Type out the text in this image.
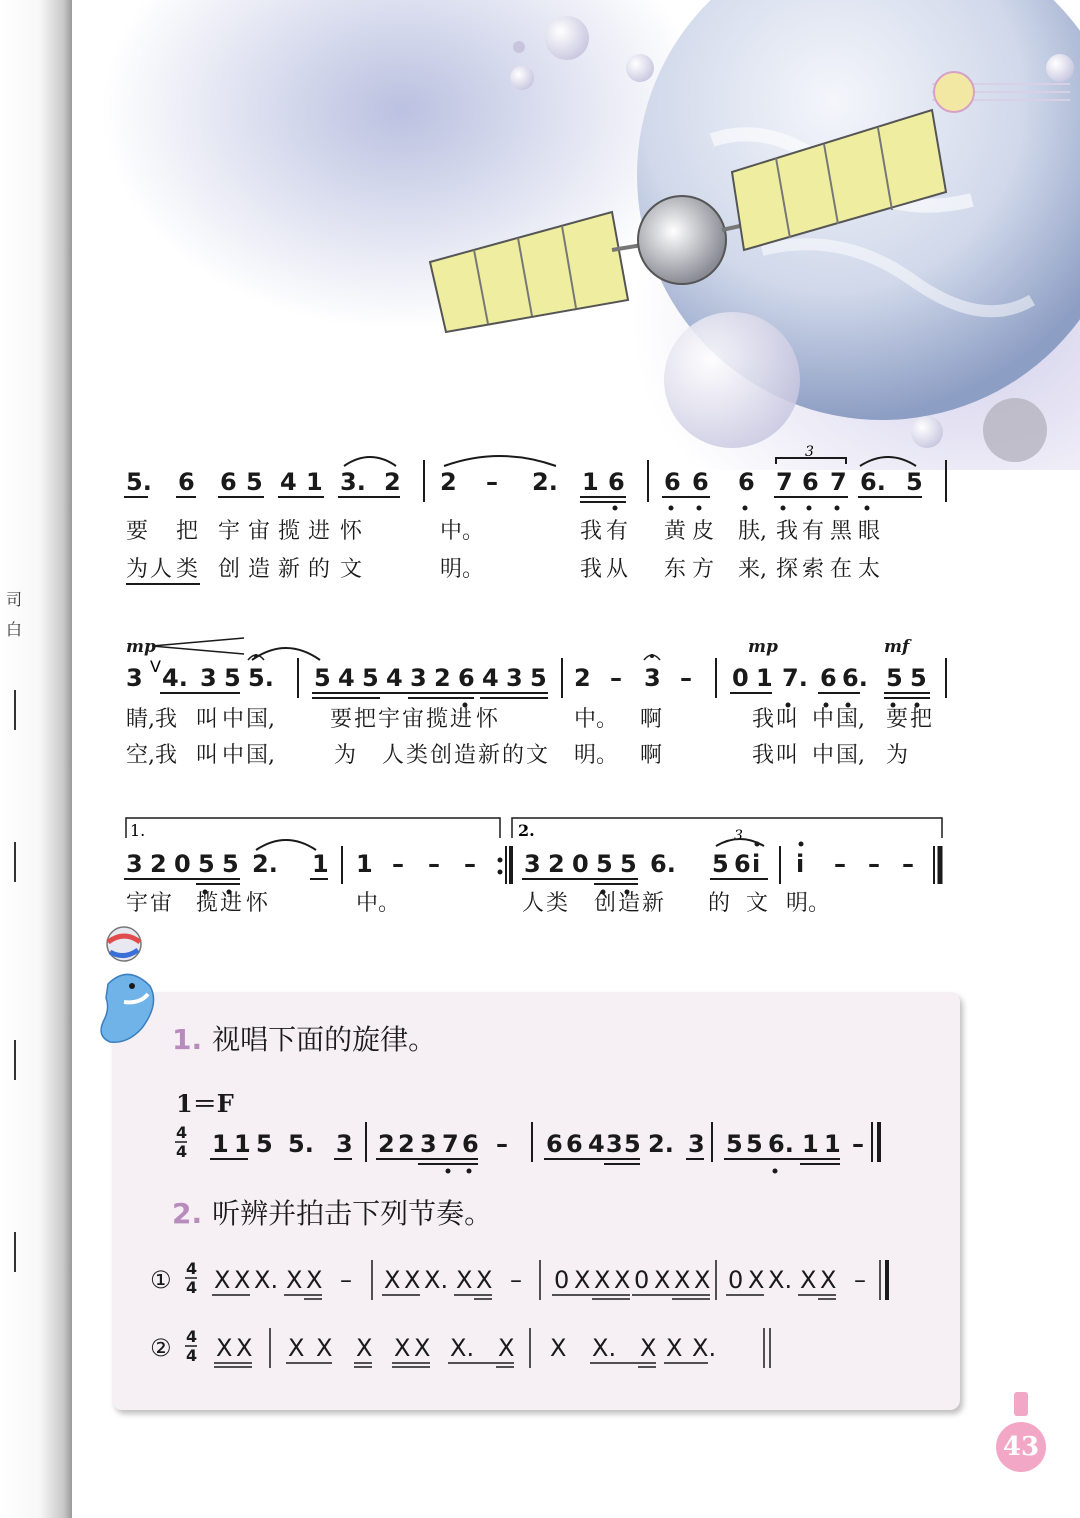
司
白
5. 6 6 5 4 1 3. 2 2 – 2. 1 6 6 6 6 7 6 7 6. 5
3
要 把 宇 宙 揽 进 怀	中。	我 有 黄 皮 肤, 我 有 黑 眼
为 人 类 创 造 新 的 文	明。	我 从 东 方 来, 探 索 在 太
mp	mp	mf
V
3 4. 3 5 5. 5 4 5 4 3 2 6 4 3 5 2 – 3 – 0 1 7. 6 6. 5 5
睛,我 叫 中 国,	要 把 宇 宙 揽 进 怀	中。 啊	我 叫 中 国, 要 把
空,我 叫 中 国,	为 人 类 创 造 新 的 文 明。 啊	我 叫 中 国, 为
1.	2.	3
3 2 0 5 5 2. 1 1 – – – 3 2 0 5 5 6. 5 6 i i – – –
宇 宙 揽 进 怀	中。	人 类 创 造 新 的 文 明。
1. 视唱下面的旋律。
1＝F
2. 听辨并拍击下列节奏。
4
4 1 1 5 5. 3 2 2 3 7 6 – 6 6 4 3 5 2. 3 5 5 6. 1 1 –
① 4
4 X X X. X X – X X X. X X – 0 X X X 0 X X X 0 X X. X X –
② 4
4 X X X X X X X X. X X X. X X X.
43
